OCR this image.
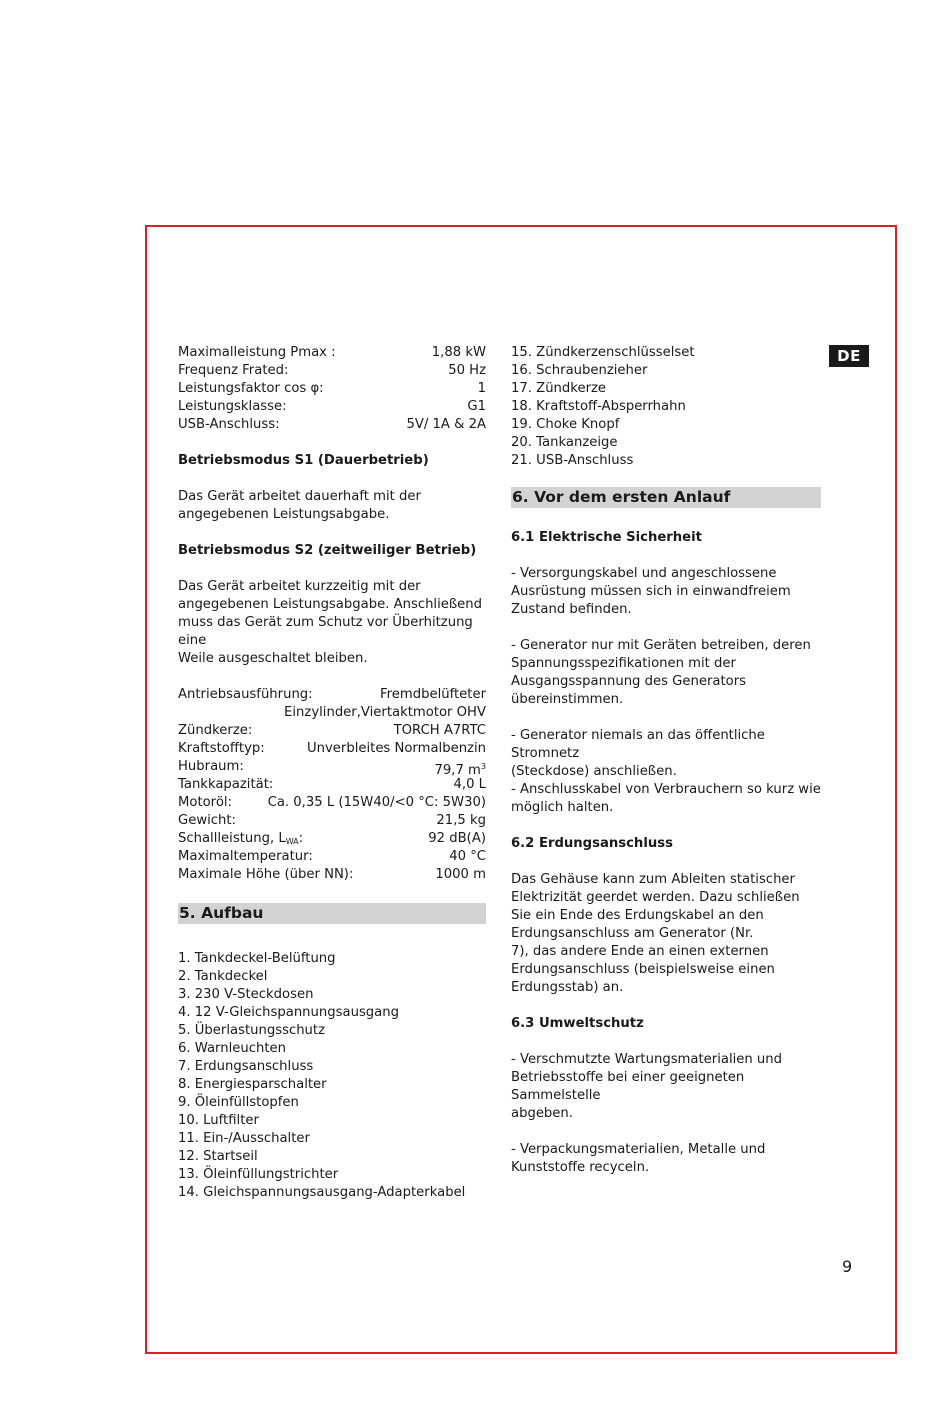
DE
Maximalleistung Pmax :	1,88 kW
Frequenz Frated:	50 Hz
Leistungsfaktor cos φ:	1
Leistungsklasse:	G1
USB-Anschluss:	5V/ 1A & 2A
Betriebsmodus S1 (Dauerbetrieb)
Das Gerät arbeitet dauerhaft mit der
angegebenen Leistungsabgabe.
Betriebsmodus S2 (zeitweiliger Betrieb)
Das Gerät arbeitet kurzzeitig mit der
angegebenen Leistungsabgabe. Anschließend
muss das Gerät zum Schutz vor Überhitzung eine
Weile ausgeschaltet bleiben.
Antriebsausführung:	Fremdbelüfteter
Einzylinder,Viertaktmotor OHV
Zündkerze:	TORCH A7RTC
Kraftstofftyp:	Unverbleites Normalbenzin
Hubraum:	79,7 $m^3$
Tankkapazität:	4,0 L
Motoröl:	Ca. 0,35 L (15W40/<0 °C: 5W30)
Gewicht:	21,5 kg
Schallleistung, $L_{WA}$:	92 dB(A)
Maximaltemperatur:	40 °C
Maximale Höhe (über NN):	1000 m
5. Aufbau
1. Tankdeckel-Belüftung
2. Tankdeckel
3. 230 V-Steckdosen
4. 12 V-Gleichspannungsausgang
5. Überlastungsschutz
6. Warnleuchten
7. Erdungsanschluss
8. Energiesparschalter
9. Öleinfüllstopfen
10. Luftfilter
11. Ein-/Ausschalter
12. Startseil
13. Öleinfüllungstrichter
14. Gleichspannungsausgang-Adapterkabel
15. Zündkerzenschlüsselset
16. Schraubenzieher
17. Zündkerze
18. Kraftstoff-Absperrhahn
19. Choke Knopf
20. Tankanzeige
21. USB-Anschluss
6. Vor dem ersten Anlauf
6.1 Elektrische Sicherheit
- Versorgungskabel und angeschlossene
Ausrüstung müssen sich in einwandfreiem
Zustand befinden.
- Generator nur mit Geräten betreiben, deren
Spannungsspezifikationen mit der
Ausgangsspannung des Generators
übereinstimmen.
- Generator niemals an das öffentliche Stromnetz
(Steckdose) anschließen.
- Anschlusskabel von Verbrauchern so kurz wie
möglich halten.
6.2 Erdungsanschluss
Das Gehäuse kann zum Ableiten statischer
Elektrizität geerdet werden. Dazu schließen
Sie ein Ende des Erdungskabel an den
Erdungsanschluss am Generator (Nr.
7), das andere Ende an einen externen
Erdungsanschluss (beispielsweise einen
Erdungsstab) an.
6.3 Umweltschutz
- Verschmutzte Wartungsmaterialien und
Betriebsstoffe bei einer geeigneten Sammelstelle
abgeben.
- Verpackungsmaterialien, Metalle und
Kunststoffe recyceln.
9
